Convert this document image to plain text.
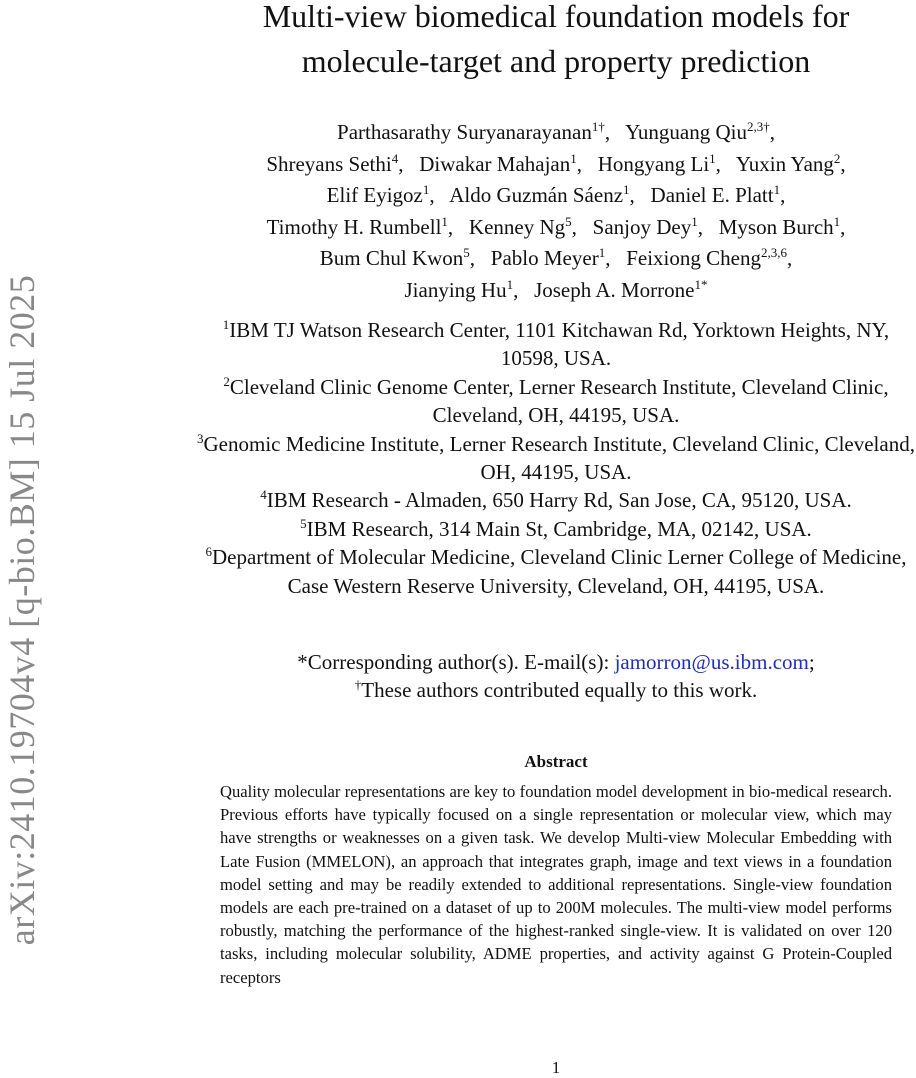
arXiv:2410.19704v4 [q-bio.BM] 15 Jul 2025
Multi-view biomedical foundation models for
molecule-target and property prediction
Parthasarathy Suryanarayanan$^{1\dagger}$,  Yunguang Qiu$^{2,3\dagger}$,
Shreyans Sethi$^4$,  Diwakar Mahajan$^1$,  Hongyang Li$^1$,  Yuxin Yang$^2$,
Elif Eyigoz$^1$,  Aldo Guzmán Sáenz$^1$,  Daniel E. Platt$^1$,
Timothy H. Rumbell$^1$,  Kenney Ng$^5$,  Sanjoy Dey$^1$,  Myson Burch$^1$,
Bum Chul Kwon$^5$,  Pablo Meyer$^1$,  Feixiong Cheng$^{2,3,6}$,
Jianying Hu$^1$,  Joseph A. Morrone$^{1*}$
$^1$IBM TJ Watson Research Center, 1101 Kitchawan Rd, Yorktown Heights, NY, 10598, USA.
$^2$Cleveland Clinic Genome Center, Lerner Research Institute, Cleveland Clinic, Cleveland, OH, 44195, USA.
$^3$Genomic Medicine Institute, Lerner Research Institute, Cleveland Clinic, Cleveland, OH, 44195, USA.
$^4$IBM Research - Almaden, 650 Harry Rd, San Jose, CA, 95120, USA.
$^5$IBM Research, 314 Main St, Cambridge, MA, 02142, USA.
$^6$Department of Molecular Medicine, Cleveland Clinic Lerner College of Medicine, Case Western Reserve University, Cleveland, OH, 44195, USA.
*Corresponding author(s). E-mail(s): jamorron@us.ibm.com;
†These authors contributed equally to this work.
Abstract
Quality molecular representations are key to foundation model development in bio-medical research. Previous efforts have typically focused on a single representation or molecular view, which may have strengths or weaknesses on a given task. We develop Multi-view Molecular Embedding with Late Fusion (MMELON), an approach that integrates graph, image and text views in a foundation model setting and may be readily extended to additional representations. Single-view foundation models are each pre-trained on a dataset of up to 200M molecules. The multi-view model performs robustly, matching the performance of the highest-ranked single-view. It is validated on over 120 tasks, including molecular solubility, ADME properties, and activity against G Protein-Coupled receptors
1
